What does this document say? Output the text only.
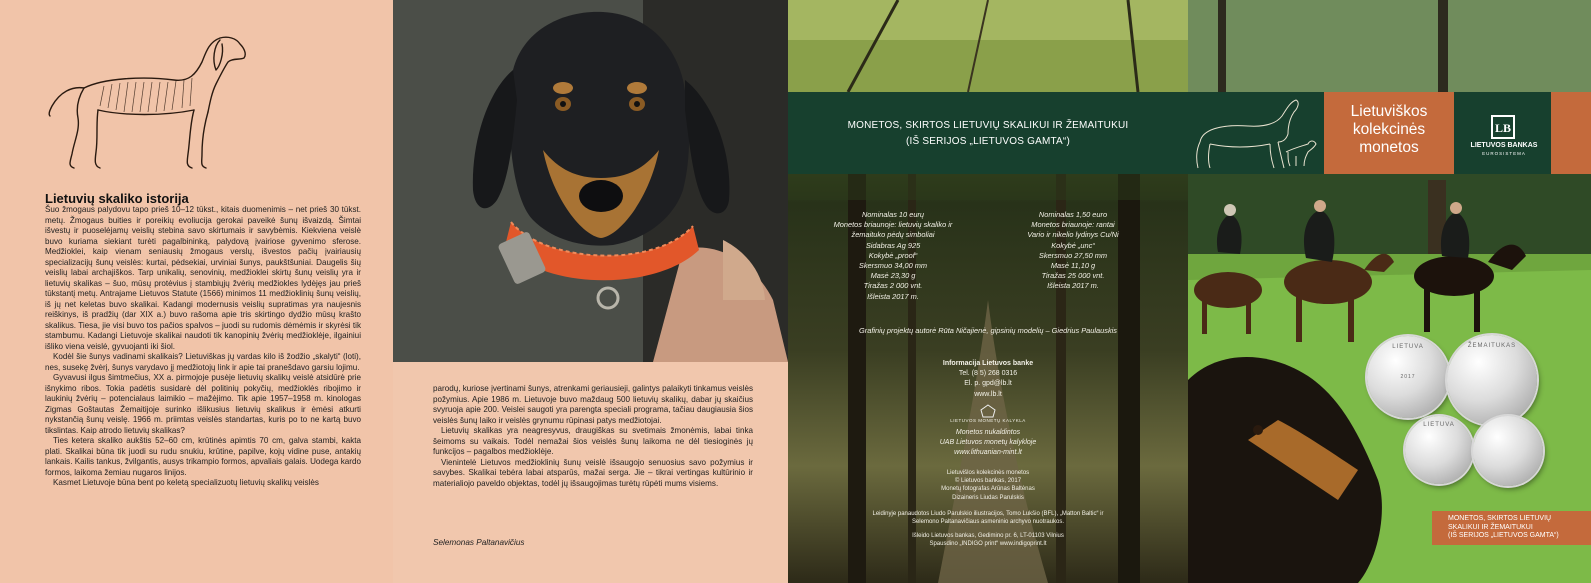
Lietuvių skaliko istorija

Šuo žmogaus palydovu tapo prieš 10–12 tūkst., kitais duomenimis – net prieš 30 tūkst. metų. Žmogaus buities ir poreikių evoliucija gerokai paveikė šunų išvaizdą. Šimtai išvestų ir puoselėjamų veislių stebina savo skirtumais ir savybėmis. Kiekviena veislė buvo kuriama siekiant turėti pagalbininką, palydovą įvairiose gyvenimo sferose. Medžioklei, kaip vienam seniausių žmogaus verslų, išvestos pačių įvairiausių specializacijų šunų veislės: kurtai, pėdsekiai, urviniai šunys, paukštšuniai. Daugelis šių veislių labai archajiškos. Tarp unikalių, senovinių, medžioklei skirtų šunų veislių yra ir lietuvių skalikas – šuo, mūsų protėvius į stambiųjų žvėrių medžiokles lydėjęs jau prieš tūkstantį metų. Antrajame Lietuvos Statute (1566) minimos 11 medžioklinių šunų veislių, iš jų net keletas buvo skalikai. Kadangi modernusis veislių supratimas yra naujesnis reiškinys, iš pradžių (dar XIX a.) buvo rašoma apie tris skirtingo dydžio mūsų krašto skalikus. Tiesa, jie visi buvo tos pačios spalvos – juodi su rudomis dėmėmis ir skyrėsi tik stambumu. Kadangi Lietuvoje skalikai naudoti tik kanopinių žvėrių medžioklėje, ilgainiui išliko viena veislė, gyvuojanti iki šiol.

Kodėl šie šunys vadinami skalikais? Lietuviškas jų vardas kilo iš žodžio „skalyti“ (loti), nes, susekę žvėrį, šunys varydavo jį medžiotojų link ir apie tai pranešdavo garsiu lojimu.

Gyvavusi ilgus šimtmečius, XX a. pirmojoje pusėje lietuvių skalikų veislė atsidūrė prie išnykimo ribos. Tokia padėtis susidarė dėl politinių pokyčių, medžioklės ribojimo ir laukinių žvėrių – potencialaus laimikio – mažėjimo. Tik apie 1957–1958 m. kinologas Zigmas Goštautas Žemaitijoje surinko išlikusius lietuvių skalikus ir ėmėsi atkurti nykstančią šunų veislę. 1966 m. priimtas veislės standartas, kuris po to ne kartą buvo tikslintas. Kaip atrodo lietuvių skalikas?

Ties ketera skaliko aukštis 52–60 cm, krūtinės apimtis 70 cm, galva stambi, kakta plati. Skalikai būna tik juodi su rudu snukiu, krūtine, papilve, kojų vidine puse, antakių lankais. Kailis tankus, žvilgantis, ausys trikampio formos, apvaliais galais. Uodega kardo formos, laikoma žemiau nugaros linijos.

Kasmet Lietuvoje būna bent po keletą specializuotų lietuvių skalikų veislės

parodų, kuriose įvertinami šunys, atrenkami geriausieji, galintys palaikyti tinkamus veislės požymius. Apie 1986 m. Lietuvoje buvo maždaug 500 lietuvių skalikų, dabar jų skaičius svyruoja apie 200. Veislei saugoti yra parengta speciali programa, tačiau daugiausia šios veislės šunų laiko ir veislės grynumu rūpinasi patys medžiotojai.

Lietuvių skalikas yra neagresyvus, draugiškas su svetimais žmonėmis, labai tinka šeimoms su vaikais. Todėl nemažai šios veislės šunų laikoma ne dėl tiesioginės jų funkcijos – pagalbos medžioklėje.

Vienintelė Lietuvos medžioklinių šunų veislė išsaugojo senuosius savo požymius ir savybes. Skalikai tebėra labai atsparūs, mažai serga. Jie – tikrai vertingas kultūrinio ir materialiojo paveldo objektas, todėl jų išsaugojimas turėtų rūpėti mums visiems.

Selemonas Paltanavičius
MONETOS, SKIRTOS LIETUVIŲ SKALIKUI IR ŽEMAITUKUI
(IŠ SERIJOS „LIETUVOS GAMTA“)
Nominalas 10 eurų
Monetos briaunoje: lietuvių skaliko ir
žemaituko pėdų simboliai
Sidabras Ag 925
Kokybė „proof“
Skersmuo 34,00 mm
Masė 23,30 g
Tiražas 2 000 vnt.
Išleista 2017 m.
Nominalas 1,50 euro
Monetos briaunoje: rantai
Vario ir nikelio lydinys Cu/Ni
Kokybė „unc“
Skersmuo 27,50 mm
Masė 11,10 g
Tiražas 25 000 vnt.
Išleista 2017 m.
Grafinių projektų autorė Rūta Ničajienė, gipsinių modelių – Giedrius Paulauskis
Informacija Lietuvos banke
Tel. (8 5) 268 0316
El. p. gpd@lb.lt
www.lb.lt
LIETUVOS MONETŲ KALYKLA
Monetos nukaldintos
UAB Lietuvos monetų kalykloje
www.lithuanian-mint.lt
Lietuvišlos kolekcinės monetos
© Lietuvos bankas, 2017
Monetų fotografas Arūnas Baltėnas
Dizaineris Liudas Parulskis
Leidinyje panaudotos Liudo Parulskio iliustracijos, Tomo Lukšio (BFL), „Matton Baltic“ ir
Selemono Paltanavičiaus asmeninio archyvo nuotraukos.
Išleido Lietuvos bankas, Gedimino pr. 6, LT-01103 Vilnius
Spausdino „INDIGO print“ www.indigoprint.lt
Lietuviškos
kolekcinės
monetos
LB
LIETUVOS BANKAS
EUROSISTEMA
LIETUVA
2017
ŽEMAITUKAS
LIETUVA
MONETOS, SKIRTOS LIETUVIŲ
SKALIKUI IR ŽEMAITUKUI
(IŠ SERIJOS „LIETUVOS GAMTA“)
